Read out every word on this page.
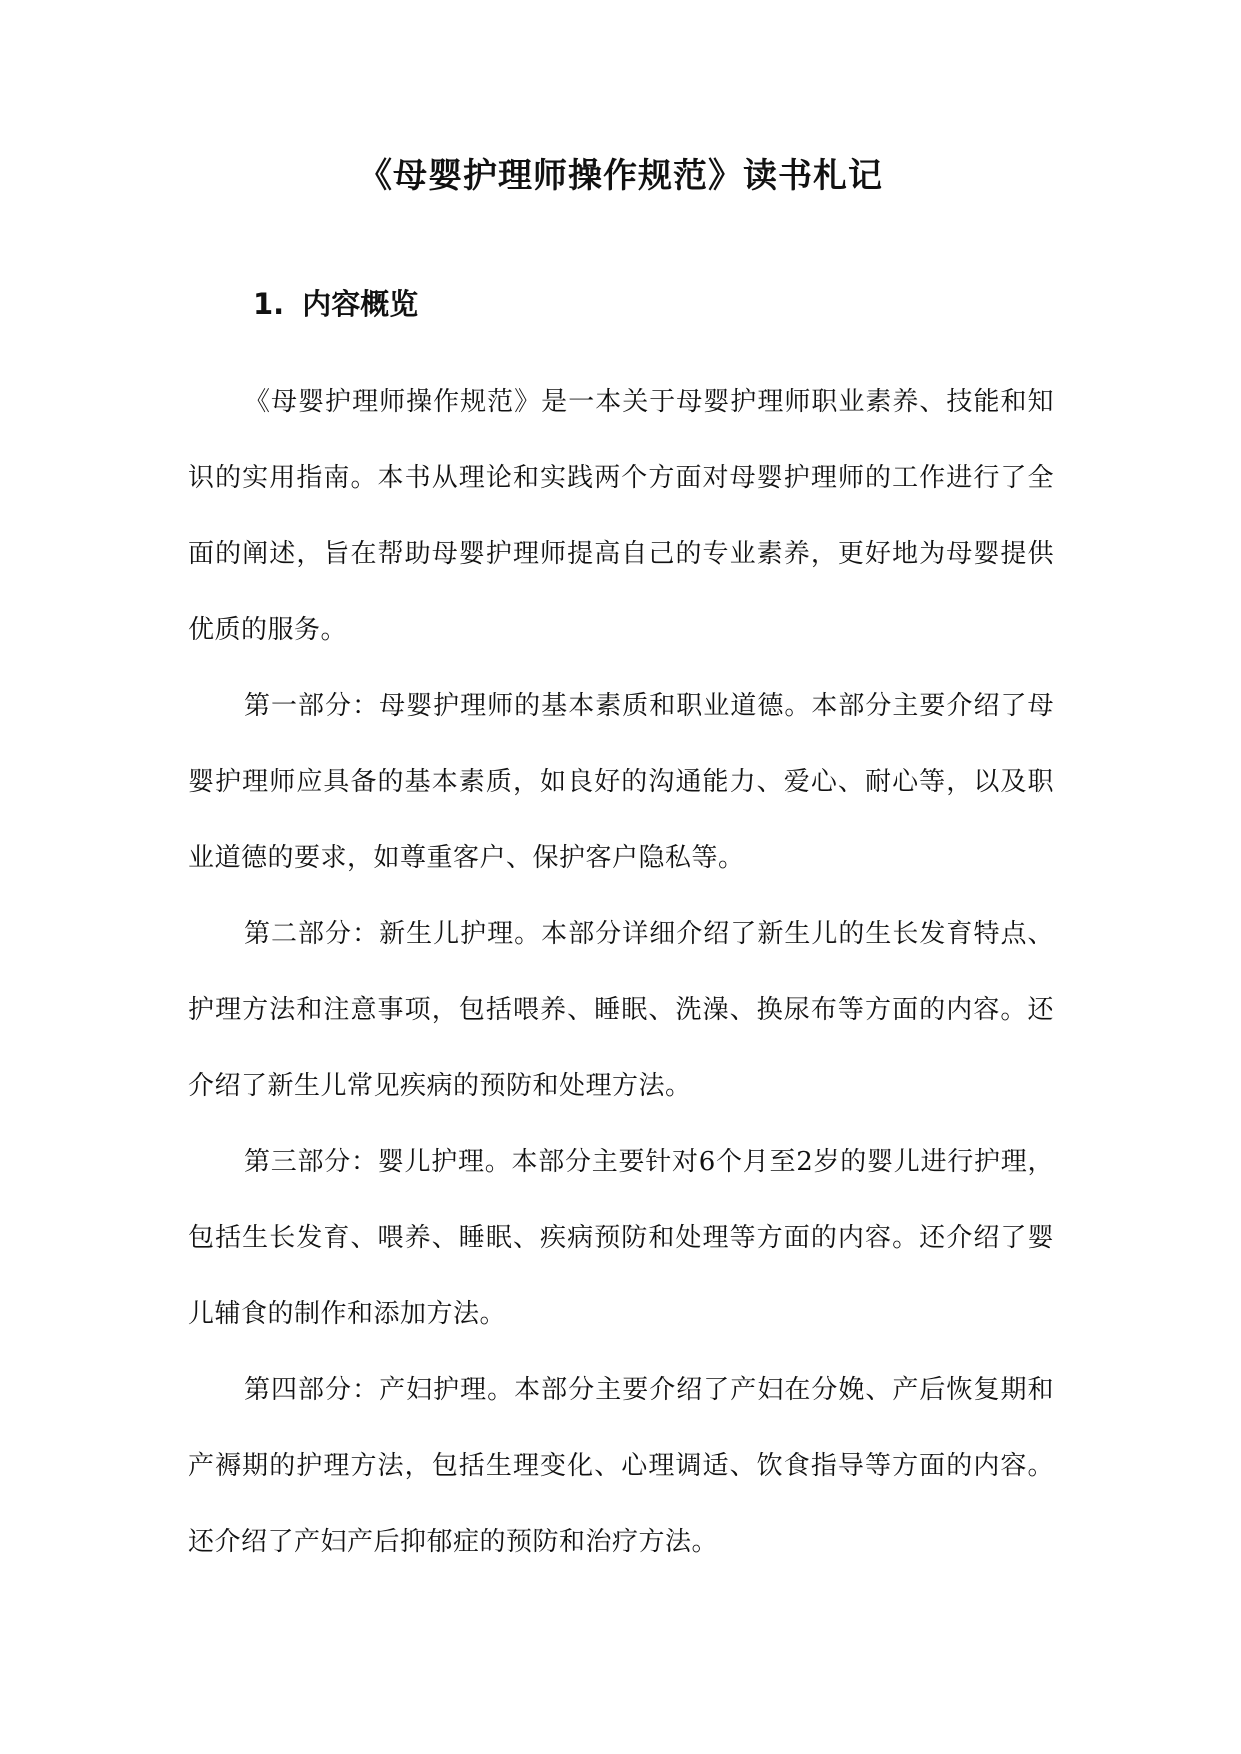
《母婴护理师操作规范》读书札记
1. 内容概览

《母婴护理师操作规范》是一本关于母婴护理师职业素养、技能和知识的实用指南。本书从理论和实践两个方面对母婴护理师的工作进行了全面的阐述，旨在帮助母婴护理师提高自己的专业素养，更好地为母婴提供优质的服务。

第一部分：母婴护理师的基本素质和职业道德。本部分主要介绍了母婴护理师应具备的基本素质，如良好的沟通能力、爱心、耐心等，以及职业道德的要求，如尊重客户、保护客户隐私等。

第二部分：新生儿护理。本部分详细介绍了新生儿的生长发育特点、护理方法和注意事项，包括喂养、睡眠、洗澡、换尿布等方面的内容。还介绍了新生儿常见疾病的预防和处理方法。

第三部分：婴儿护理。本部分主要针对6个月至2岁的婴儿进行护理，包括生长发育、喂养、睡眠、疾病预防和处理等方面的内容。还介绍了婴儿辅食的制作和添加方法。

第四部分：产妇护理。本部分主要介绍了产妇在分娩、产后恢复期和产褥期的护理方法，包括生理变化、心理调适、饮食指导等方面的内容。还介绍了产妇产后抑郁症的预防和治疗方法。
